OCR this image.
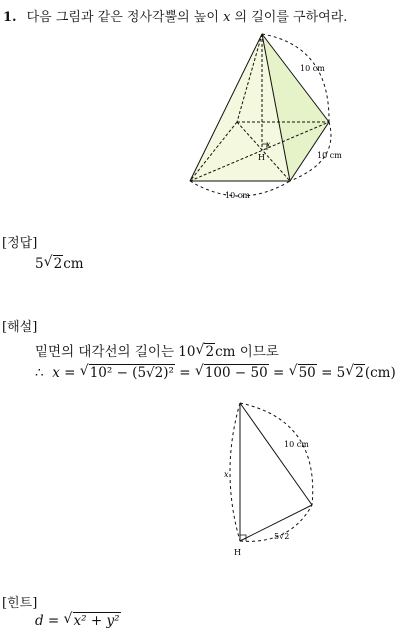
1. 다음 그림과 같은 정사각뿔의 높이 x 의 길이를 구하여라.
10 cm
10 cm
10 cm
x
H
[정답]
5 √ 2cm
[해설]
밑면의 대각선의 길이는 10 √ 2cm 이므로
∴ x = √ 10² − (5√2)² = √ 100 − 50 = √ 50 = 5 √ 2(cm)
x
10 cm
5√2
H
[힌트]
d = √ x² + y²
